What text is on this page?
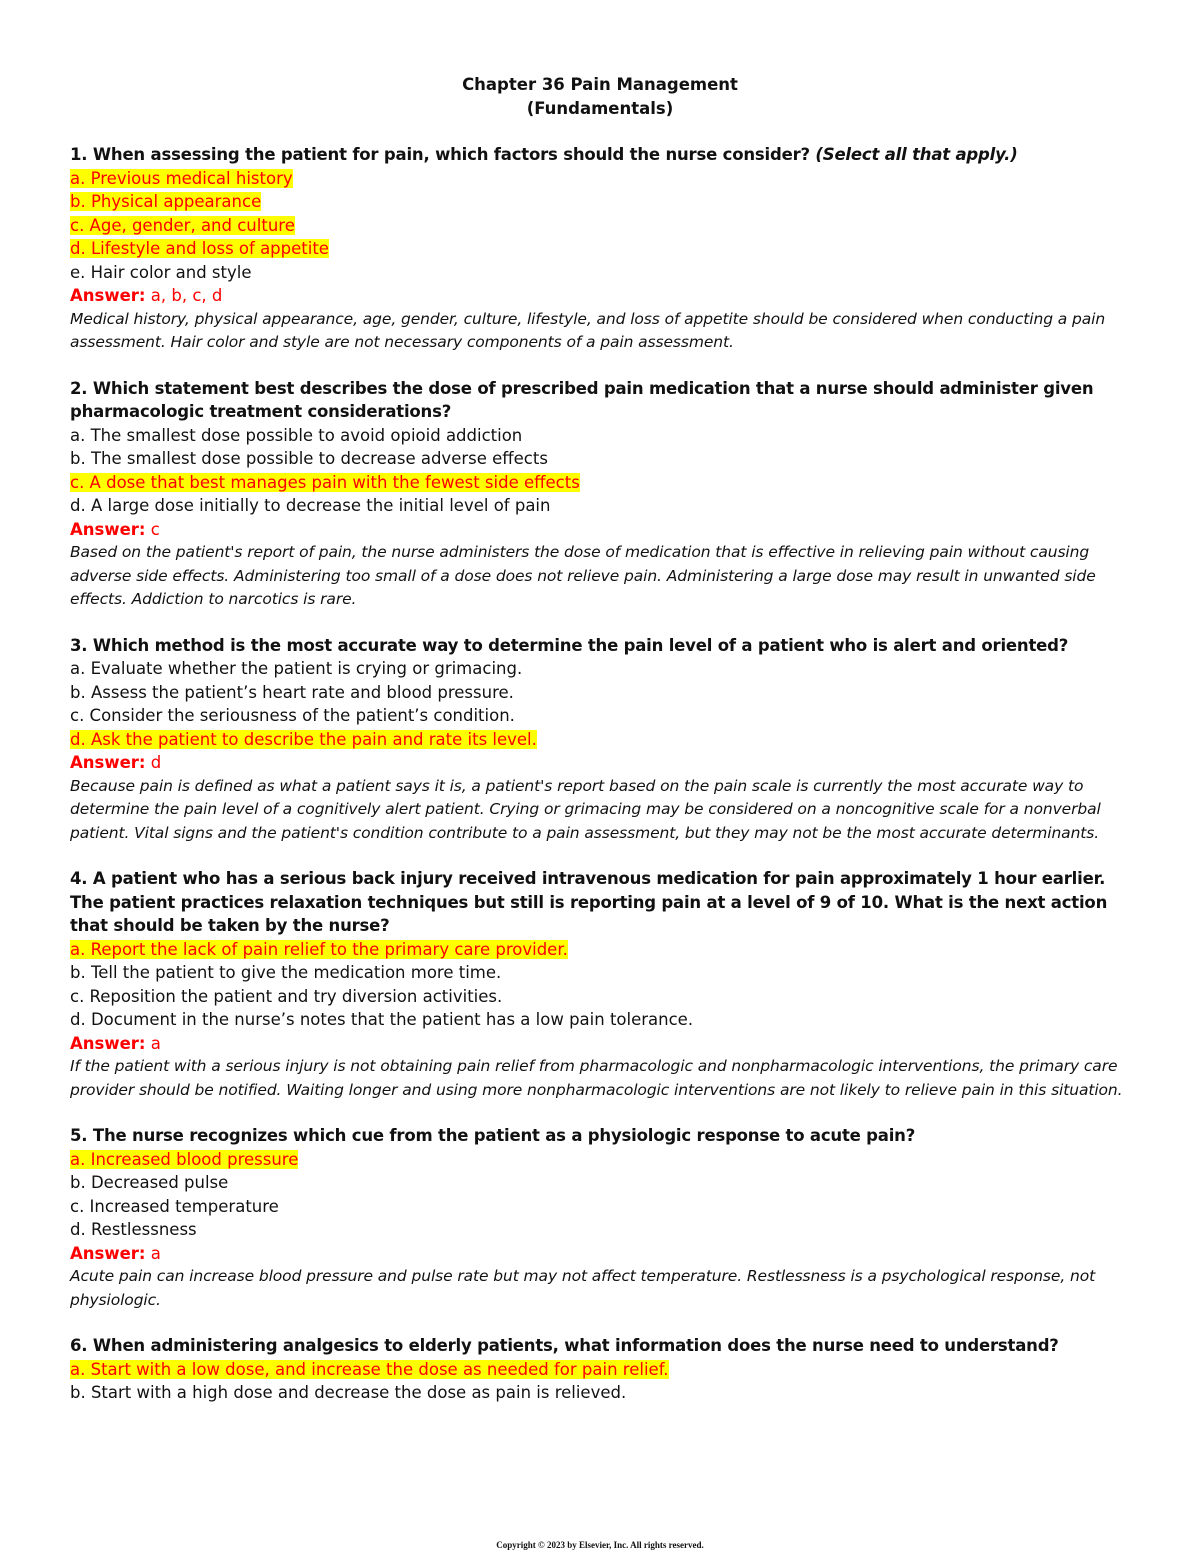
Chapter 36 Pain Management
(Fundamentals)
1. When assessing the patient for pain, which factors should the nurse consider? (Select all that apply.)
a. Previous medical history
b. Physical appearance
c. Age, gender, and culture
d. Lifestyle and loss of appetite
e. Hair color and style
Answer: a, b, c, d
Medical history, physical appearance, age, gender, culture, lifestyle, and loss of appetite should be considered when conducting a pain assessment. Hair color and style are not necessary components of a pain assessment.
2. Which statement best describes the dose of prescribed pain medication that a nurse should administer given pharmacologic treatment considerations?
a. The smallest dose possible to avoid opioid addiction
b. The smallest dose possible to decrease adverse effects
c. A dose that best manages pain with the fewest side effects
d. A large dose initially to decrease the initial level of pain
Answer: c
Based on the patient's report of pain, the nurse administers the dose of medication that is effective in relieving pain without causing adverse side effects. Administering too small of a dose does not relieve pain. Administering a large dose may result in unwanted side effects. Addiction to narcotics is rare.
3. Which method is the most accurate way to determine the pain level of a patient who is alert and oriented?
a. Evaluate whether the patient is crying or grimacing.
b. Assess the patient’s heart rate and blood pressure.
c. Consider the seriousness of the patient’s condition.
d. Ask the patient to describe the pain and rate its level.
Answer: d
Because pain is defined as what a patient says it is, a patient's report based on the pain scale is currently the most accurate way to determine the pain level of a cognitively alert patient. Crying or grimacing may be considered on a noncognitive scale for a nonverbal patient. Vital signs and the patient's condition contribute to a pain assessment, but they may not be the most accurate determinants.
4. A patient who has a serious back injury received intravenous medication for pain approximately 1 hour earlier. The patient practices relaxation techniques but still is reporting pain at a level of 9 of 10. What is the next action that should be taken by the nurse?
a. Report the lack of pain relief to the primary care provider.
b. Tell the patient to give the medication more time.
c. Reposition the patient and try diversion activities.
d. Document in the nurse’s notes that the patient has a low pain tolerance.
Answer: a
If the patient with a serious injury is not obtaining pain relief from pharmacologic and nonpharmacologic interventions, the primary care provider should be notified. Waiting longer and using more nonpharmacologic interventions are not likely to relieve pain in this situation.
5. The nurse recognizes which cue from the patient as a physiologic response to acute pain?
a. Increased blood pressure
b. Decreased pulse
c. Increased temperature
d. Restlessness
Answer: a
Acute pain can increase blood pressure and pulse rate but may not affect temperature. Restlessness is a psychological response, not physiologic.
6. When administering analgesics to elderly patients, what information does the nurse need to understand?
a. Start with a low dose, and increase the dose as needed for pain relief.
b. Start with a high dose and decrease the dose as pain is relieved.
Copyright © 2023 by Elsevier, Inc. All rights reserved.
